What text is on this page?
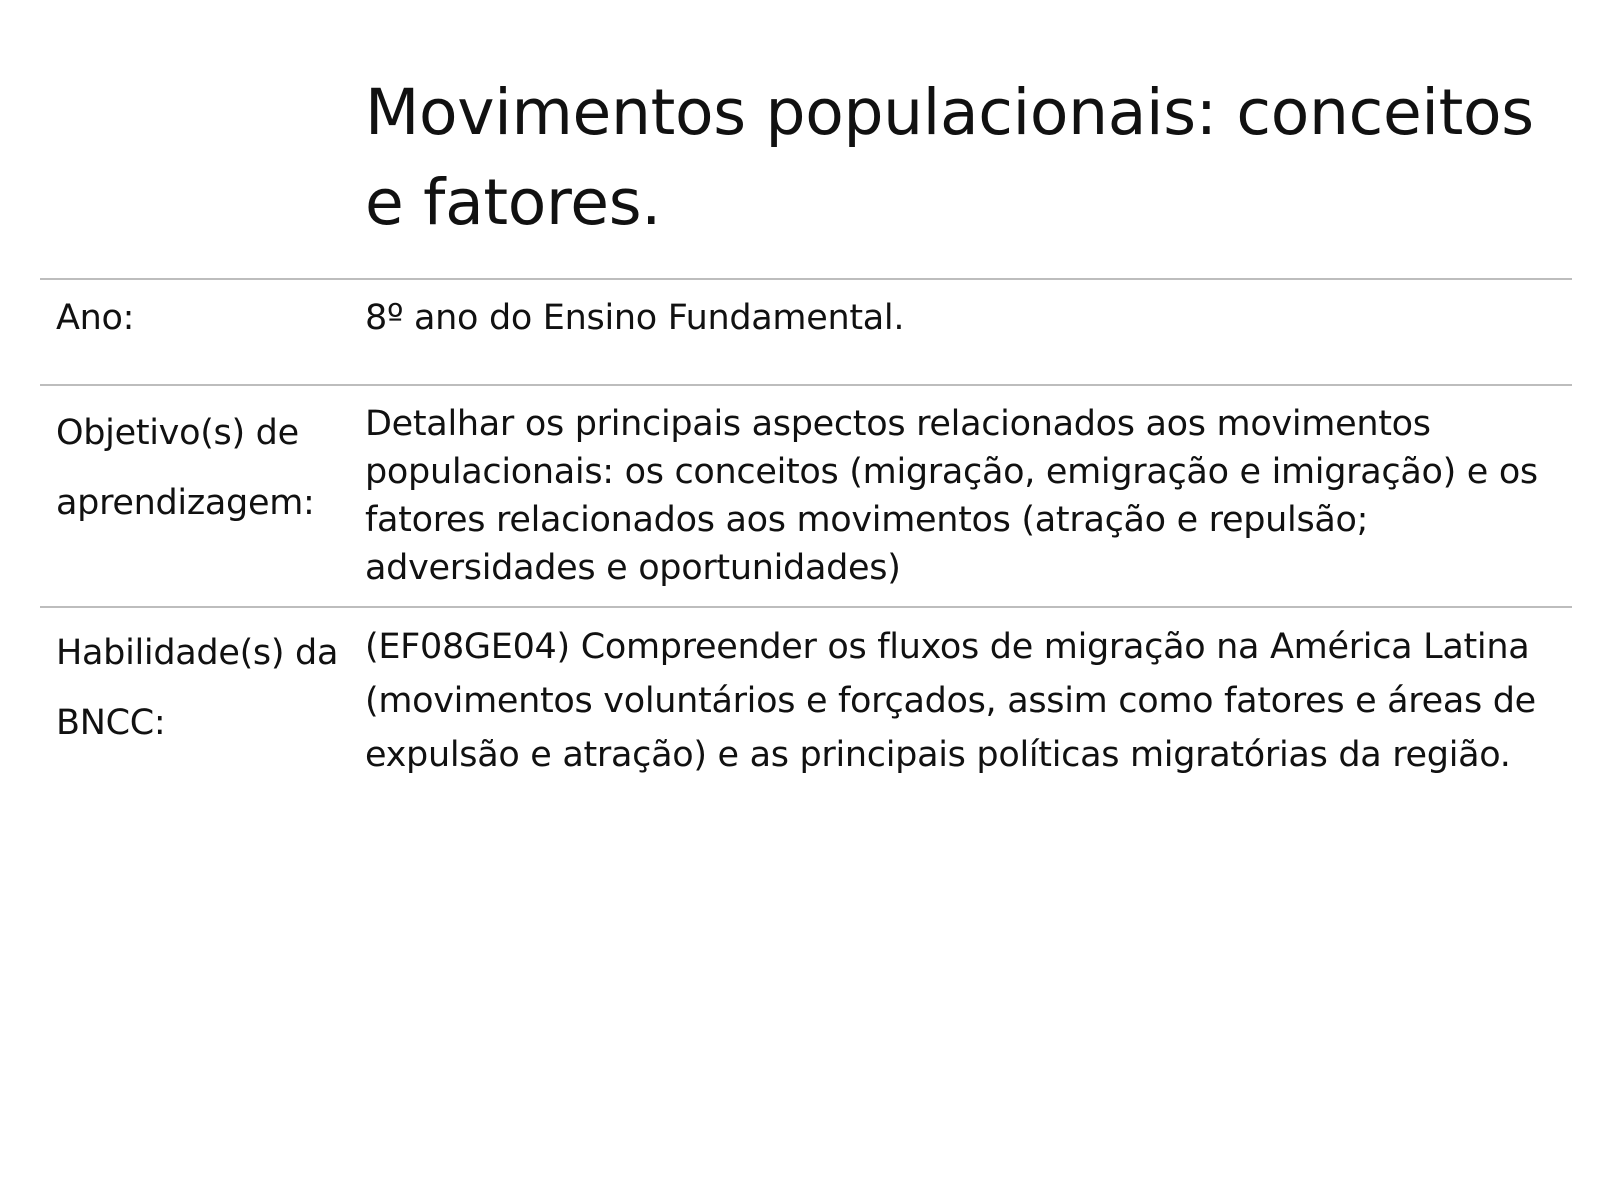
Movimentos populacionais: conceitos e fatores.
Ano:	8º ano do Ensino Fundamental.
Objetivo(s) de aprendizagem:
Detalhar os principais aspectos relacionados aos movimentos populacionais: os conceitos (migração, emigração e imigração) e os fatores relacionados aos movimentos (atração e repulsão; adversidades e oportunidades)
Habilidade(s) da BNCC:
(EF08GE04) Compreender os fluxos de migração na América Latina (movimentos voluntários e forçados, assim como fatores e áreas de expulsão e atração) e as principais políticas migratórias da região.
